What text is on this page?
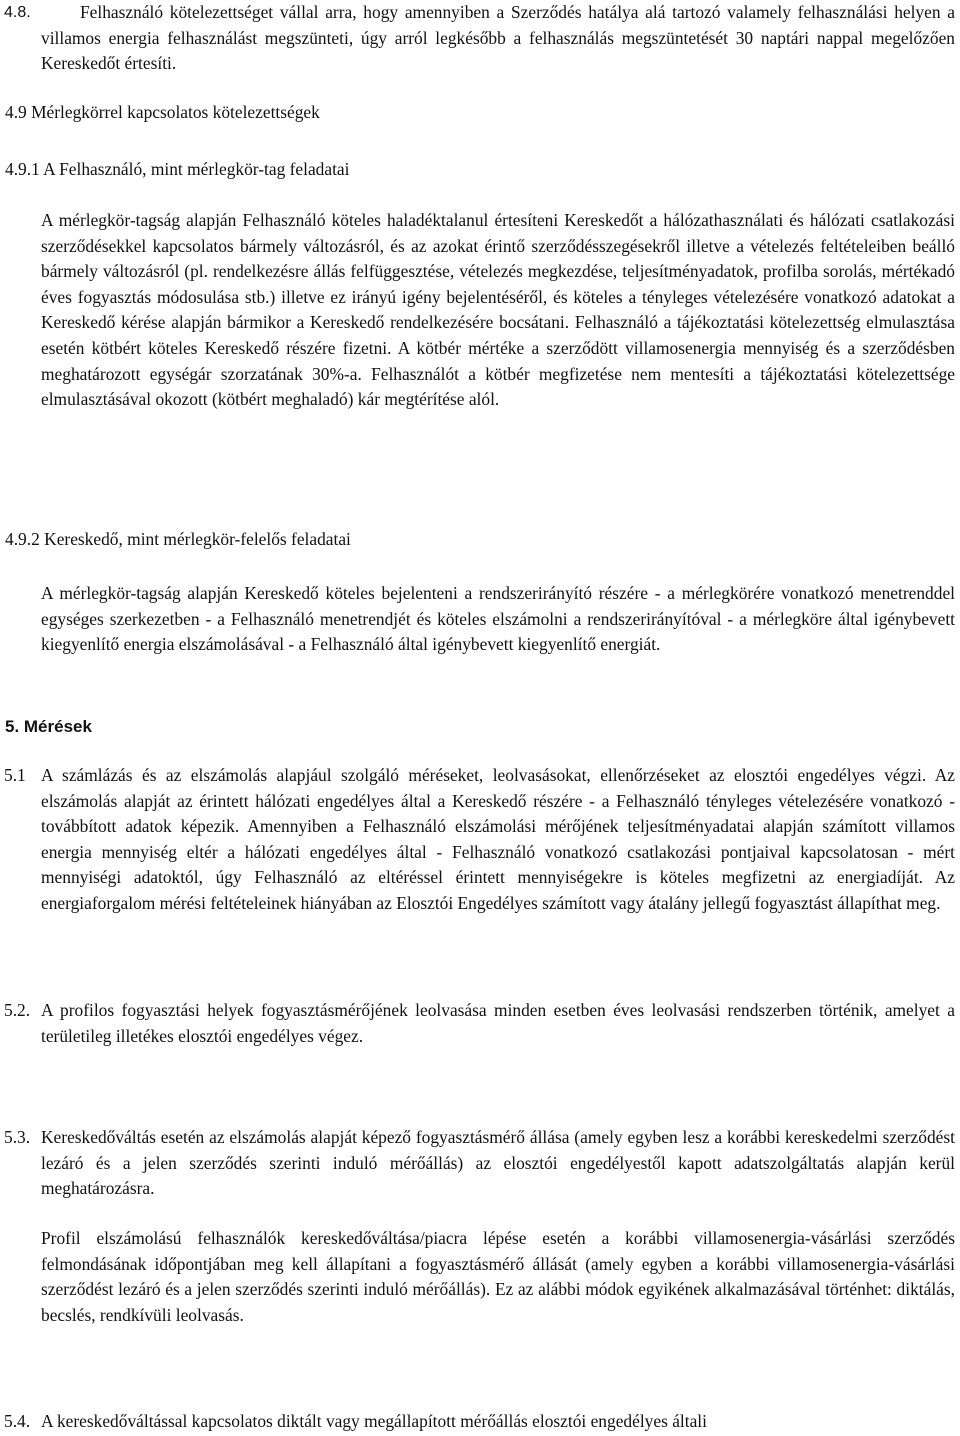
4.8.	Felhasználó kötelezettséget vállal arra, hogy amennyiben a Szerződés hatálya alá tartozó valamely felhasználási helyen a villamos energia felhasználást megszünteti, úgy arról legkésőbb a felhasználás megszüntetését 30 naptári nappal megelőzően Kereskedőt értesíti.

4.9 Mérlegkörrel kapcsolatos kötelezettségek

4.9.1 A Felhasználó, mint mérlegkör-tag feladatai

A mérlegkör-tagság alapján Felhasználó köteles haladéktalanul értesíteni Kereskedőt a hálózathasználati és hálózati csatlakozási szerződésekkel kapcsolatos bármely változásról, és az azokat érintő szerződésszegésekről illetve a vételezés feltételeiben beálló bármely változásról (pl. rendelkezésre állás felfüggesztése, vételezés megkezdése, teljesítményadatok, profilba sorolás, mértékadó éves fogyasztás módosulása stb.) illetve ez irányú igény bejelentéséről, és köteles a tényleges vételezésére vonatkozó adatokat a Kereskedő kérése alapján bármikor a Kereskedő rendelkezésére bocsátani. Felhasználó a tájékoztatási kötelezettség elmulasztása esetén kötbért köteles Kereskedő részére fizetni. A kötbér mértéke a szerződött villamosenergia mennyiség és a szerződésben meghatározott egységár szorzatának 30%-a. Felhasználót a kötbér megfizetése nem mentesíti a tájékoztatási kötelezettsége elmulasztásával okozott (kötbért meghaladó) kár megtérítése alól.

4.9.2 Kereskedő, mint mérlegkör-felelős feladatai

A mérlegkör-tagság alapján Kereskedő köteles bejelenteni a rendszerirányító részére - a mérlegkörére vonatkozó menetrenddel egységes szerkezetben - a Felhasználó menetrendjét és köteles elszámolni a rendszerirányítóval - a mérlegköre által igénybevett kiegyenlítő energia elszámolásával - a Felhasználó által igénybevett kiegyenlítő energiát.

5. Mérések

5.1 A számlázás és az elszámolás alapjául szolgáló méréseket, leolvasásokat, ellenőrzéseket az elosztói engedélyes végzi. Az elszámolás alapját az érintett hálózati engedélyes által a Kereskedő részére - a Felhasználó tényleges vételezésére vonatkozó - továbbított adatok képezik. Amennyiben a Felhasználó elszámolási mérőjének teljesítményadatai alapján számított villamos energia mennyiség eltér a hálózati engedélyes által - Felhasználó vonatkozó csatlakozási pontjaival kapcsolatosan - mért mennyiségi adatoktól, úgy Felhasználó az eltéréssel érintett mennyiségekre is köteles megfizetni az energiadíját. Az energiaforgalom mérési feltételeinek hiányában az Elosztói Engedélyes számított vagy átalány jellegű fogyasztást állapíthat meg.

5.2. A profilos fogyasztási helyek fogyasztásmérőjének leolvasása minden esetben éves leolvasási rendszerben történik, amelyet a területileg illetékes elosztói engedélyes végez.

5.3. Kereskedőváltás esetén az elszámolás alapját képező fogyasztásmérő állása (amely egyben lesz a korábbi kereskedelmi szerződést lezáró és a jelen szerződés szerinti induló mérőállás) az elosztói engedélyestől kapott adatszolgáltatás alapján kerül meghatározásra.

Profil elszámolású felhasználók kereskedőváltása/piacra lépése esetén a korábbi villamosenergia-vásárlási szerződés felmondásának időpontjában meg kell állapítani a fogyasztásmérő állását (amely egyben a korábbi villamosenergia-vásárlási szerződést lezáró és a jelen szerződés szerinti induló mérőállás). Ez az alábbi módok egyikének alkalmazásával történhet: diktálás, becslés, rendkívüli leolvasás.

5.4. A kereskedőváltással kapcsolatos diktált vagy megállapított mérőállás elosztói engedélyes általi
